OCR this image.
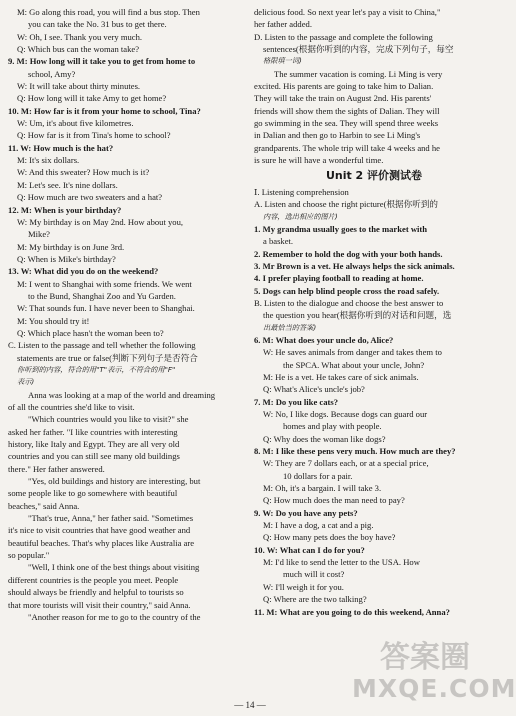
M: Go along this road, you will find a bus stop. Then
you can take the No. 31 bus to get there.
W: Oh, I see. Thank you very much.
Q: Which bus can the woman take?
9. M: How long will it take you to get from home to
school, Amy?
W: It will take about thirty minutes.
Q: How long will it take Amy to get home?
10. M: How far is it from your home to school, Tina?
W: Um, it's about five kilometres.
Q: How far is it from Tina's home to school?
11. W: How much is the hat?
M: It's six dollars.
W: And this sweater? How much is it?
M: Let's see. It's nine dollars.
Q: How much are two sweaters and a hat?
12. M: When is your birthday?
W: My birthday is on May 2nd. How about you,
Mike?
M: My birthday is on June 3rd.
Q: When is Mike's birthday?
13. W: What did you do on the weekend?
M: I went to Shanghai with some friends. We went
to the Bund, Shanghai Zoo and Yu Garden.
W: That sounds fun. I have never been to Shanghai.
M: You should try it!
Q: Which place hasn't the woman been to?
C. Listen to the passage and tell whether the following
statements are true or false(判断下列句子是否符合
你听到的内容，符合的用"T"表示，不符合的用"F"
表示)
Anna was looking at a map of the world and dreaming
of all the countries she'd like to visit.
"Which countries would you like to visit?" she
asked her father. "I like countries with interesting
history, like Italy and Egypt. They are all very old
countries and you can still see many old buildings
there." Her father answered.
"Yes, old buildings and history are interesting, but
some people like to go somewhere with beautiful
beaches," said Anna.
"That's true, Anna," her father said. "Sometimes
it's nice to visit countries that have good weather and
beautiful beaches. That's why places like Australia are
so popular."
"Well, I think one of the best things about visiting
different countries is the people you meet. People
should always be friendly and helpful to tourists so
that more tourists will visit their country," said Anna.
"Another reason for me to go to the country of the
delicious food. So next year let's pay a visit to China,"
her father added.
D. Listen to the passage and complete the following
sentences(根据你听到的内容，完成下列句子，每空
格限填一词)
The summer vacation is coming. Li Ming is very
excited. His parents are going to take him to Dalian.
They will take the train on August 2nd. His parents'
friends will show them the sights of Dalian. They will
go swimming in the sea. They will spend three weeks
in Dalian and then go to Harbin to see Li Ming's
grandparents. The whole trip will take 4 weeks and he
is sure he will have a wonderful time.
Unit 2 评价测试卷
Ⅰ. Listening comprehension
A. Listen and choose the right picture(根据你听到的
内容，选出相应的图片)
1. My grandma usually goes to the market with
a basket.
2. Remember to hold the dog with your both hands.
3. Mr Brown is a vet. He always helps the sick animals.
4. I prefer playing football to reading at home.
5. Dogs can help blind people cross the road safely.
B. Listen to the dialogue and choose the best answer to
the question you hear(根据你听到的对话和问题，选
出最恰当的答案)
6. M: What does your uncle do, Alice?
W: He saves animals from danger and takes them to
the SPCA. What about your uncle, John?
M: He is a vet. He takes care of sick animals.
Q: What's Alice's uncle's job?
7. M: Do you like cats?
W: No, I like dogs. Because dogs can guard our
homes and play with people.
Q: Why does the woman like dogs?
8. M: I like these pens very much. How much are they?
W: They are 7 dollars each, or at a special price,
10 dollars for a pair.
M: Oh, it's a bargain. I will take 3.
Q: How much does the man need to pay?
9. W: Do you have any pets?
M: I have a dog, a cat and a pig.
Q: How many pets does the boy have?
10. W: What can I do for you?
M: I'd like to send the letter to the USA. How
much will it cost?
W: I'll weigh it for you.
Q: Where are the two talking?
11. M: What are you going to do this weekend, Anna?
— 14 —
答案圈
MXQE.COM
